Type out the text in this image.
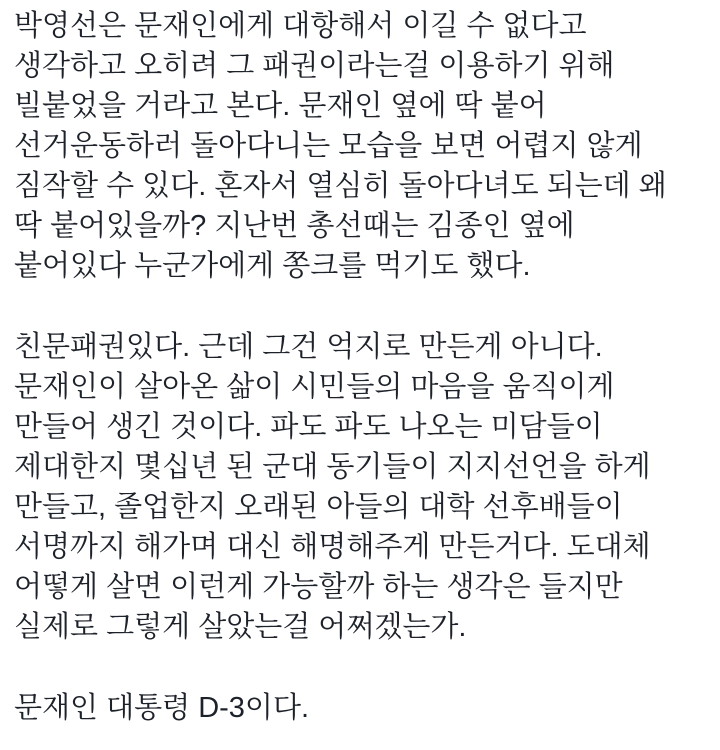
박영선은 문재인에게 대항해서 이길 수 없다고
생각하고 오히려 그 패권이라는걸 이용하기 위해
빌붙었을 거라고 본다. 문재인 옆에 딱 붙어
선거운동하러 돌아다니는 모습을 보면 어렵지 않게
짐작할 수 있다. 혼자서 열심히 돌아다녀도 되는데 왜
딱 붙어있을까? 지난번 총선때는 김종인 옆에
붙어있다 누군가에게 쫑크를 먹기도 했다.
친문패권있다. 근데 그건 억지로 만든게 아니다.
문재인이 살아온 삶이 시민들의 마음을 움직이게
만들어 생긴 것이다. 파도 파도 나오는 미담들이
제대한지 몇십년 된 군대 동기들이 지지선언을 하게
만들고, 졸업한지 오래된 아들의 대학 선후배들이
서명까지 해가며 대신 해명해주게 만든거다. 도대체
어떻게 살면 이런게 가능할까 하는 생각은 들지만
실제로 그렇게 살았는걸 어쩌겠는가.
문재인 대통령 D-3이다.
